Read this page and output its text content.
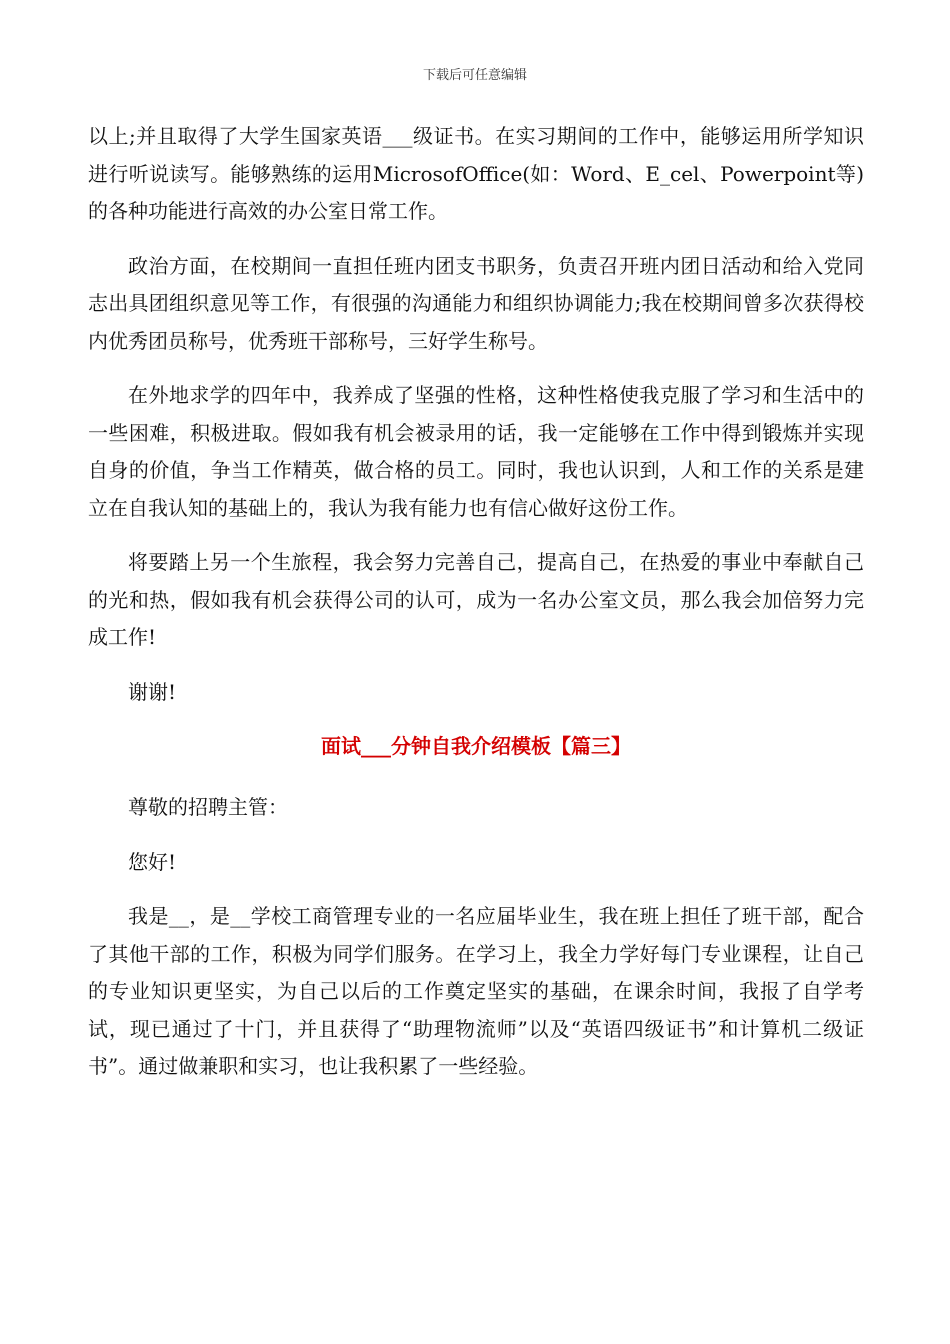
下载后可任意编辑

以上;并且取得了大学生国家英语___级证书。在实习期间的工作中，能够运用所学知识进行听说读写。能够熟练的运用MicrosofOffice(如：Word、E_cel、Powerpoint等)的各种功能进行高效的办公室日常工作。

政治方面，在校期间一直担任班内团支书职务，负责召开班内团日活动和给入党同志出具团组织意见等工作，有很强的沟通能力和组织协调能力;我在校期间曾多次获得校内优秀团员称号，优秀班干部称号，三好学生称号。

在外地求学的四年中，我养成了坚强的性格，这种性格使我克服了学习和生活中的一些困难，积极进取。假如我有机会被录用的话，我一定能够在工作中得到锻炼并实现自身的价值，争当工作精英，做合格的员工。同时，我也认识到，人和工作的关系是建立在自我认知的基础上的，我认为我有能力也有信心做好这份工作。

将要踏上另一个生旅程，我会努力完善自己，提高自己，在热爱的事业中奉献自己的光和热，假如我有机会获得公司的认可，成为一名办公室文员，那么我会加倍努力完成工作!

谢谢!

面试___分钟自我介绍模板【篇三】

尊敬的招聘主管：

您好!

我是__，是__学校工商管理专业的一名应届毕业生，我在班上担任了班干部，配合了其他干部的工作，积极为同学们服务。在学习上，我全力学好每门专业课程，让自己的专业知识更坚实，为自己以后的工作奠定坚实的基础，在课余时间，我报了自学考试，现已通过了十门，并且获得了“助理物流师”以及“英语四级证书”和计算机二级证书”。通过做兼职和实习，也让我积累了一些经验。
